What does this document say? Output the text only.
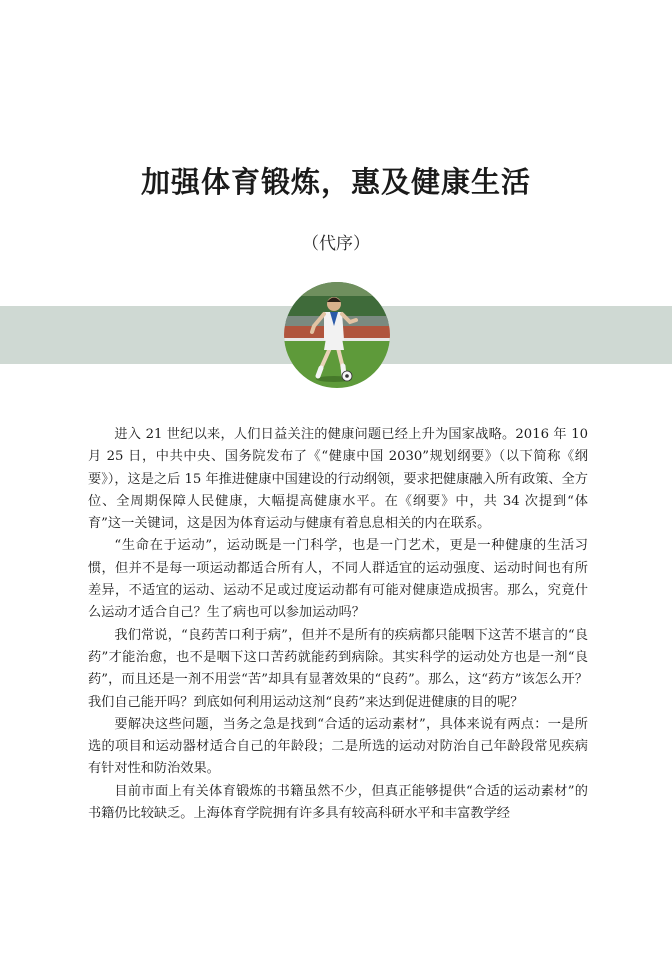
加强体育锻炼，惠及健康生活
（代序）

进入 21 世纪以来，人们日益关注的健康问题已经上升为国家战略。2016 年 10 月 25 日，中共中央、国务院发布了《“健康中国 2030”规划纲要》（以下简称《纲要》），这是之后 15 年推进健康中国建设的行动纲领，要求把健康融入所有政策、全方位、全周期保障人民健康，大幅提高健康水平。在《纲要》中，共 34 次提到“体育”这一关键词，这是因为体育运动与健康有着息息相关的内在联系。

“生命在于运动”，运动既是一门科学，也是一门艺术，更是一种健康的生活习惯，但并不是每一项运动都适合所有人，不同人群适宜的运动强度、运动时间也有所差异，不适宜的运动、运动不足或过度运动都有可能对健康造成损害。那么，究竟什么运动才适合自己？生了病也可以参加运动吗？

我们常说，“良药苦口利于病”，但并不是所有的疾病都只能咽下这苦不堪言的“良药”才能治愈，也不是咽下这口苦药就能药到病除。其实科学的运动处方也是一剂“良药”，而且还是一剂不用尝“苦”却具有显著效果的“良药”。那么，这“药方”该怎么开？我们自己能开吗？到底如何利用运动这剂“良药”来达到促进健康的目的呢？

要解决这些问题，当务之急是找到“合适的运动素材”，具体来说有两点：一是所选的项目和运动器材适合自己的年龄段；二是所选的运动对防治自己年龄段常见疾病有针对性和防治效果。

目前市面上有关体育锻炼的书籍虽然不少，但真正能够提供“合适的运动素材”的书籍仍比较缺乏。上海体育学院拥有许多具有较高科研水平和丰富教学经
